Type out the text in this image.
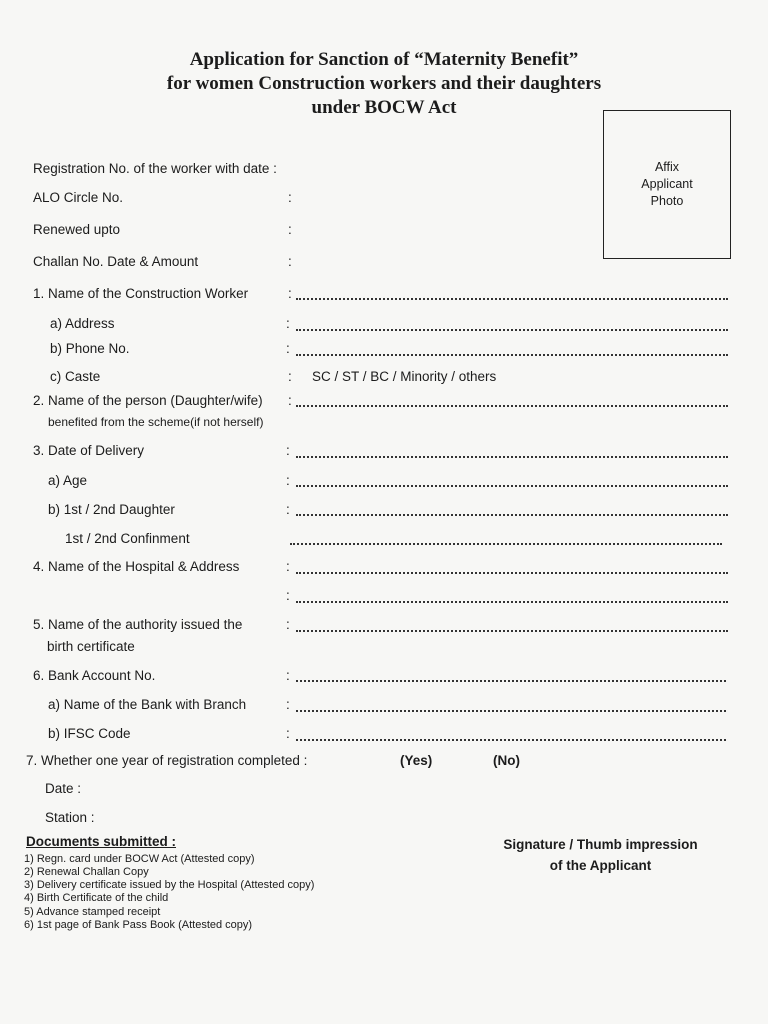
Application for Sanction of “Maternity Benefit”
for women Construction workers and their daughters
under BOCW Act
Affix
Applicant
Photo
Registration No. of the worker with date :
ALO Circle No.	:
Renewed upto	:
Challan No. Date & Amount	:
1. Name of the Construction Worker	:
a) Address	:
b) Phone No.	:
c) Caste	: SC / ST / BC / Minority / others
2. Name of the person (Daughter/wife) :
benefited from the scheme(if not herself)
3. Date of Delivery	:
a) Age	:
b) 1st / 2nd Daughter	:
1st / 2nd Confinment
4. Name of the Hospital & Address	:
:
5. Name of the authority issued the	:
birth certificate
6. Bank Account No.	:
a) Name of the Bank with Branch	:
b) IFSC Code	:
7. Whether one year of registration completed :	(Yes)	(No)
Date :
Station :
Documents submitted :
1) Regn. card under BOCW Act (Attested copy)
2) Renewal Challan Copy
3) Delivery certificate issued by the Hospital (Attested copy)
4) Birth Certificate of the child
5) Advance stamped receipt
6) 1st page of Bank Pass Book (Attested copy)
Signature / Thumb impression
of the Applicant
